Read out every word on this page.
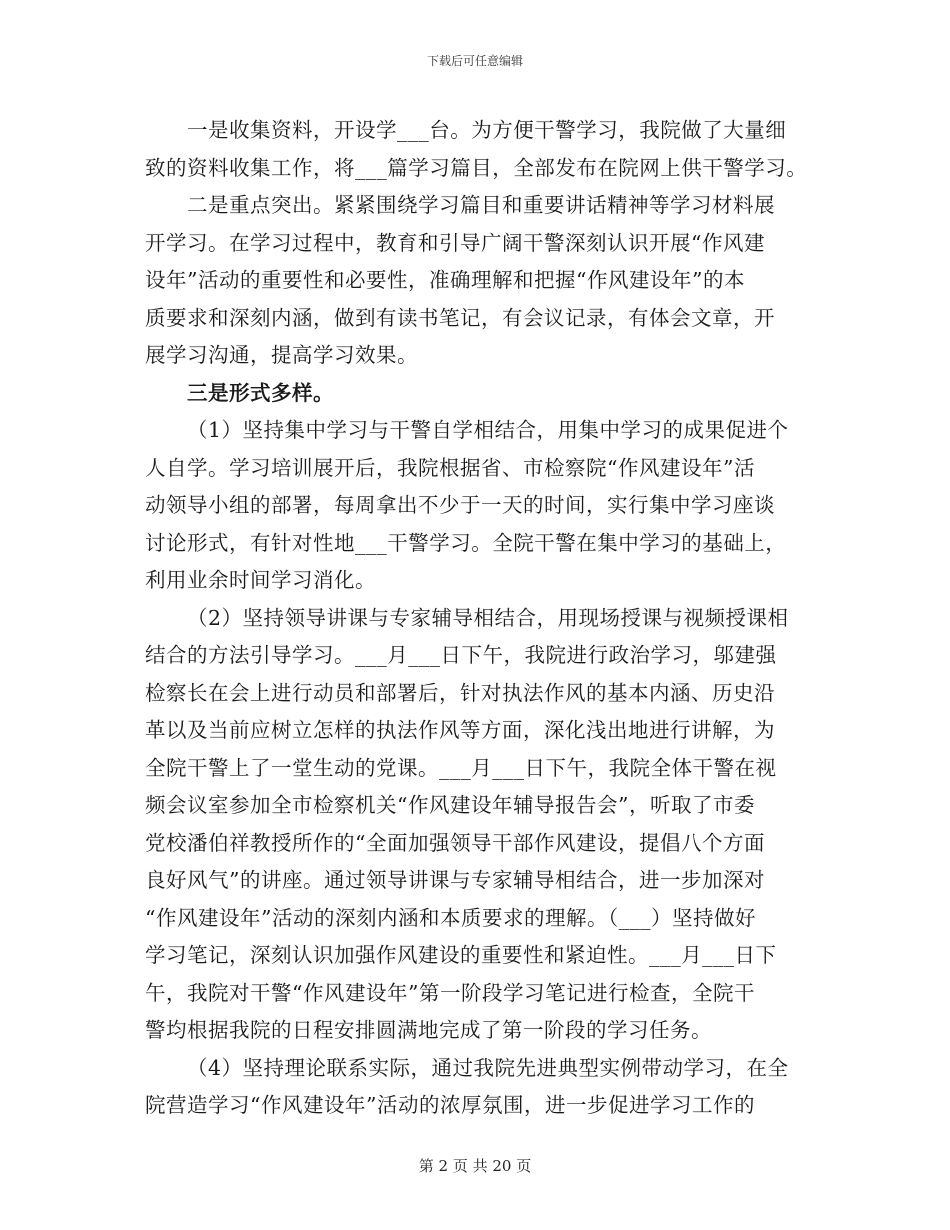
下载后可任意编辑

一是收集资料，开设学___台。为方便干警学习，我院做了大量细
致的资料收集工作，将___篇学习篇目，全部发布在院网上供干警学习。

二是重点突出。紧紧围绕学习篇目和重要讲话精神等学习材料展
开学习。在学习过程中，教育和引导广阔干警深刻认识开展“作风建
设年”活动的重要性和必要性，准确理解和把握“作风建设年”的本
质要求和深刻内涵，做到有读书笔记，有会议记录，有体会文章，开
展学习沟通，提高学习效果。

三是形式多样。

（1）坚持集中学习与干警自学相结合，用集中学习的成果促进个
人自学。学习培训展开后，我院根据省、市检察院“作风建设年”活
动领导小组的部署，每周拿出不少于一天的时间，实行集中学习座谈
讨论形式，有针对性地___干警学习。全院干警在集中学习的基础上，
利用业余时间学习消化。

（2）坚持领导讲课与专家辅导相结合，用现场授课与视频授课相
结合的方法引导学习。___月___日下午，我院进行政治学习，邬建强
检察长在会上进行动员和部署后，针对执法作风的基本内涵、历史沿
革以及当前应树立怎样的执法作风等方面，深化浅出地进行讲解，为
全院干警上了一堂生动的党课。___月___日下午，我院全体干警在视
频会议室参加全市检察机关“作风建设年辅导报告会”，听取了市委
党校潘伯祥教授所作的“全面加强领导干部作风建设，提倡八个方面
良好风气”的讲座。通过领导讲课与专家辅导相结合，进一步加深对
“作风建设年”活动的深刻内涵和本质要求的理解。（___）坚持做好
学习笔记，深刻认识加强作风建设的重要性和紧迫性。___月___日下
午，我院对干警“作风建设年”第一阶段学习笔记进行检查，全院干
警均根据我院的日程安排圆满地完成了第一阶段的学习任务。

（4）坚持理论联系实际，通过我院先进典型实例带动学习，在全
院营造学习“作风建设年”活动的浓厚氛围，进一步促进学习工作的

第 2 页 共 20 页
